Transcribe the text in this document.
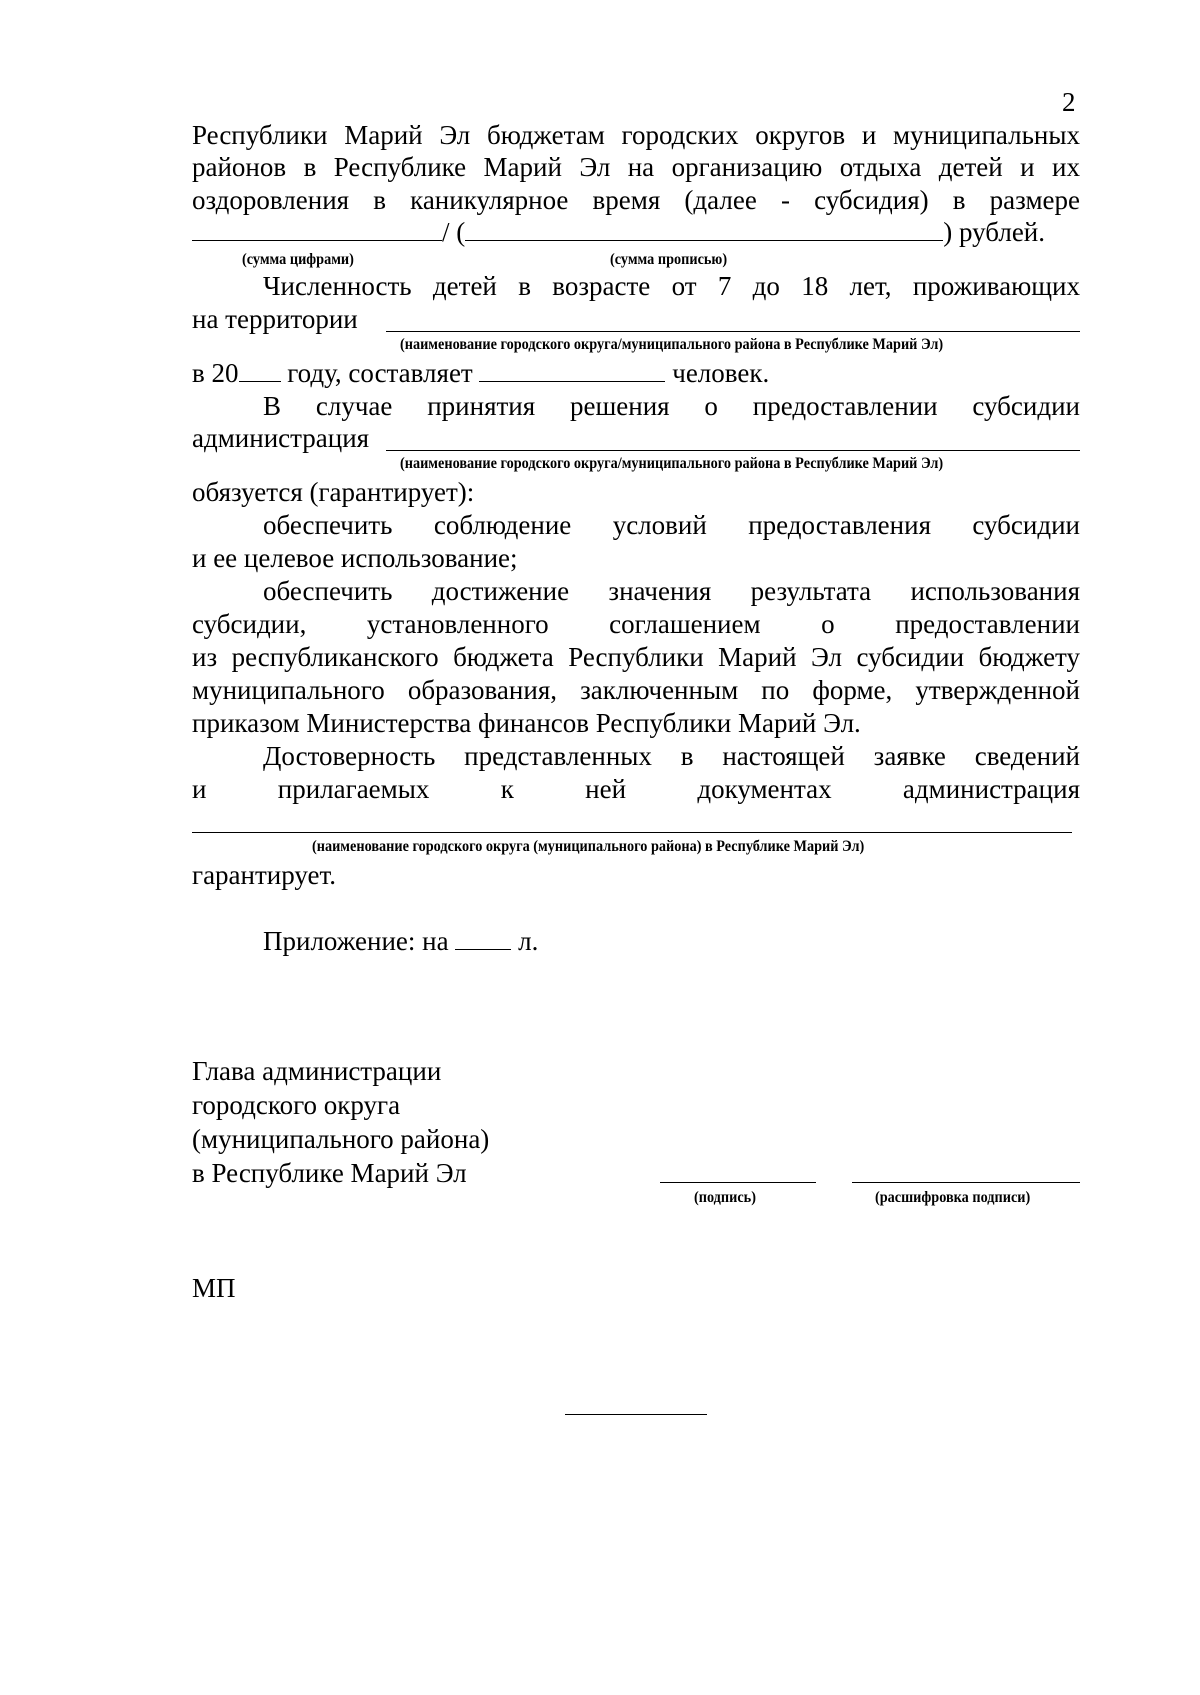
2
Республики Марий Эл бюджетам городских округов и муниципальных
районов в Республике Марий Эл на организацию отдыха детей и их
оздоровления в каникулярное время (далее - субсидия) в размере
/ (	) рублей.
(сумма цифрами)	(сумма прописью)
Численность детей в возрасте от 7 до 18 лет, проживающих
на территории
(наименование городского округа/муниципального района в Республике Марий Эл)
в 20 году, составляет	человек.
В случае принятия решения о предоставлении субсидии
администрация
(наименование городского округа/муниципального района в Республике Марий Эл)
обязуется (гарантирует):
обеспечить соблюдение условий предоставления субсидии
и ее целевое использование;
обеспечить достижение значения результата использования
субсидии, установленного соглашением о предоставлении
из республиканского бюджета Республики Марий Эл субсидии бюджету
муниципального образования, заключенным по форме, утвержденной
приказом Министерства финансов Республики Марий Эл.
Достоверность представленных в настоящей заявке сведений
и прилагаемых к ней документах администрация
(наименование городского округа (муниципального района) в Республике Марий Эл)
гарантирует.
Приложение: на	л.
Глава администрации
городского округа
(муниципального района)
в Республике Марий Эл
(подпись)	(расшифровка подписи)
МП
